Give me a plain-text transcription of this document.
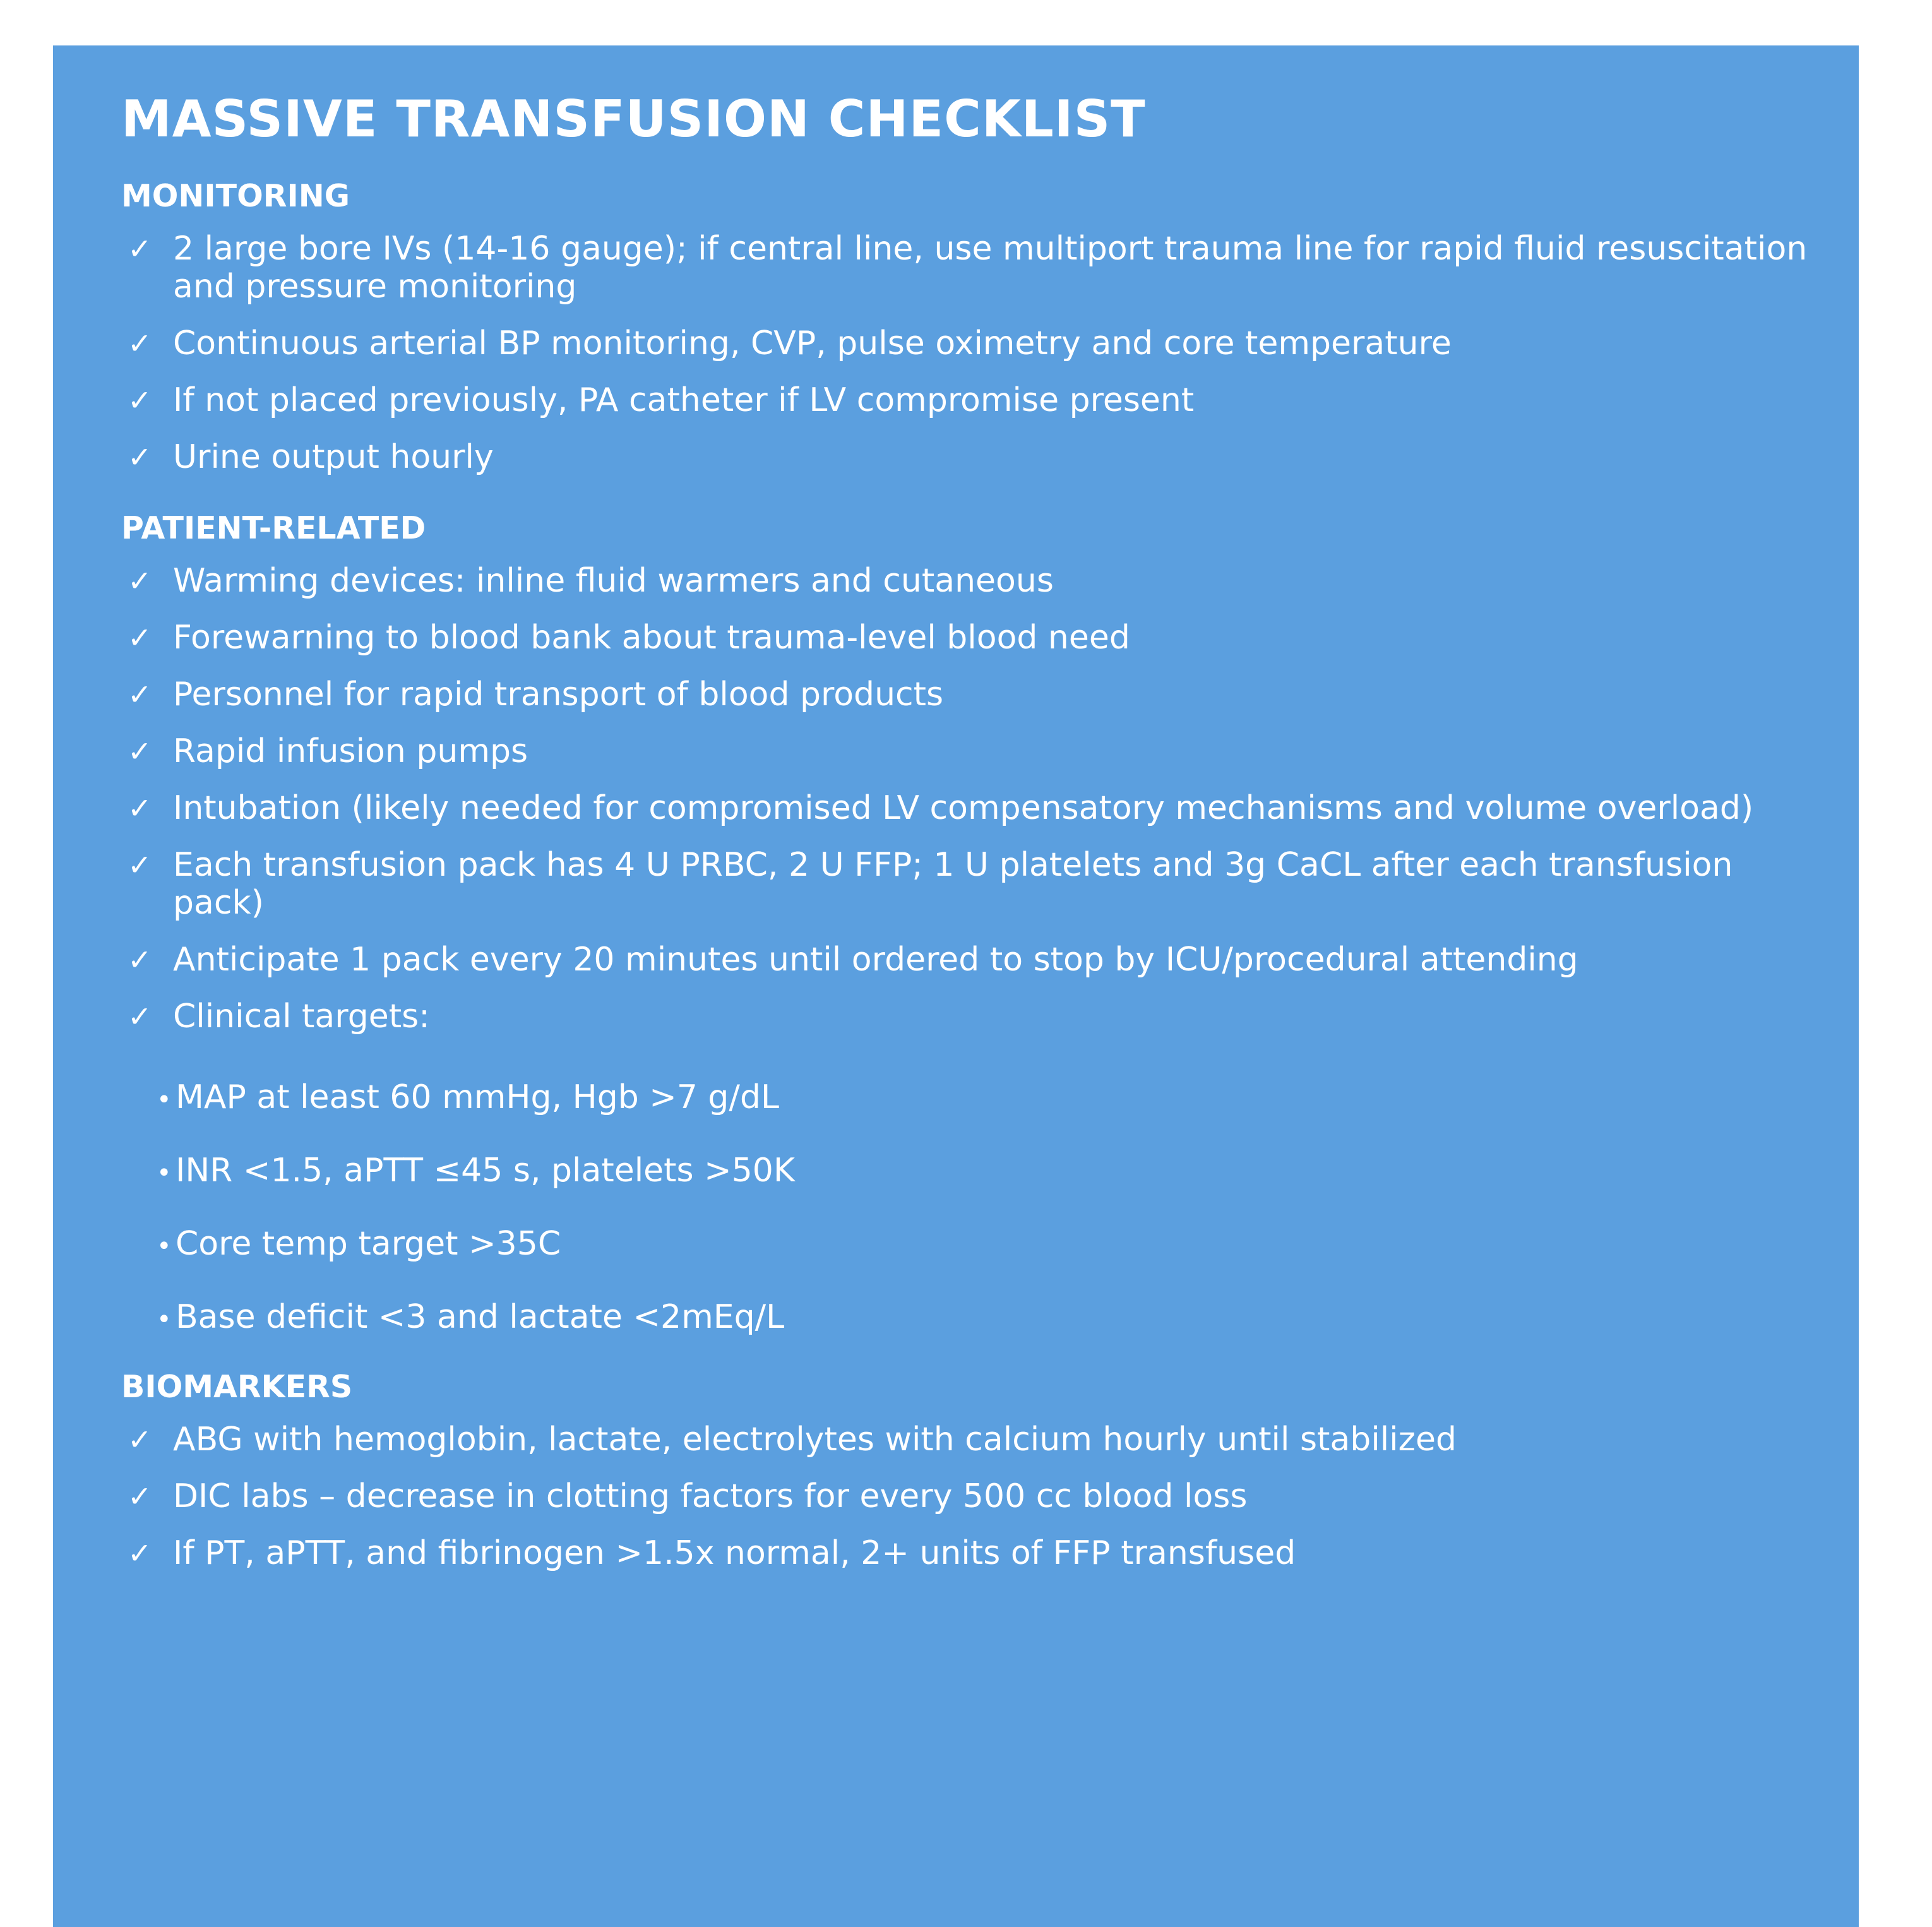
MASSIVE TRANSFUSION CHECKLIST
MONITORING
✓ 2 large bore IVs (14-16 gauge); if central line, use multiport trauma line for rapid fluid resuscitation and pressure monitoring
✓ Continuous arterial BP monitoring, CVP, pulse oximetry and core temperature
✓ If not placed previously, PA catheter if LV compromise present
✓ Urine output hourly
PATIENT-RELATED
✓ Warming devices: inline fluid warmers and cutaneous
✓ Forewarning to blood bank about trauma-level blood need
✓ Personnel for rapid transport of blood products
✓ Rapid infusion pumps
✓ Intubation (likely needed for compromised LV compensatory mechanisms and volume overload)
✓ Each transfusion pack has 4 U PRBC, 2 U FFP; 1 U platelets and 3g CaCL after each transfusion pack)
✓ Anticipate 1 pack every 20 minutes until ordered to stop by ICU/procedural attending
✓ Clinical targets:
• MAP at least 60 mmHg, Hgb >7 g/dL
• INR <1.5, aPTT ≤45 s, platelets >50K
• Core temp target >35C
• Base deficit <3 and lactate <2mEq/L
BIOMARKERS
✓ ABG with hemoglobin, lactate, electrolytes with calcium hourly until stabilized
✓ DIC labs – decrease in clotting factors for every 500 cc blood loss
✓ If PT, aPTT, and fibrinogen >1.5x normal, 2+ units of FFP transfused
